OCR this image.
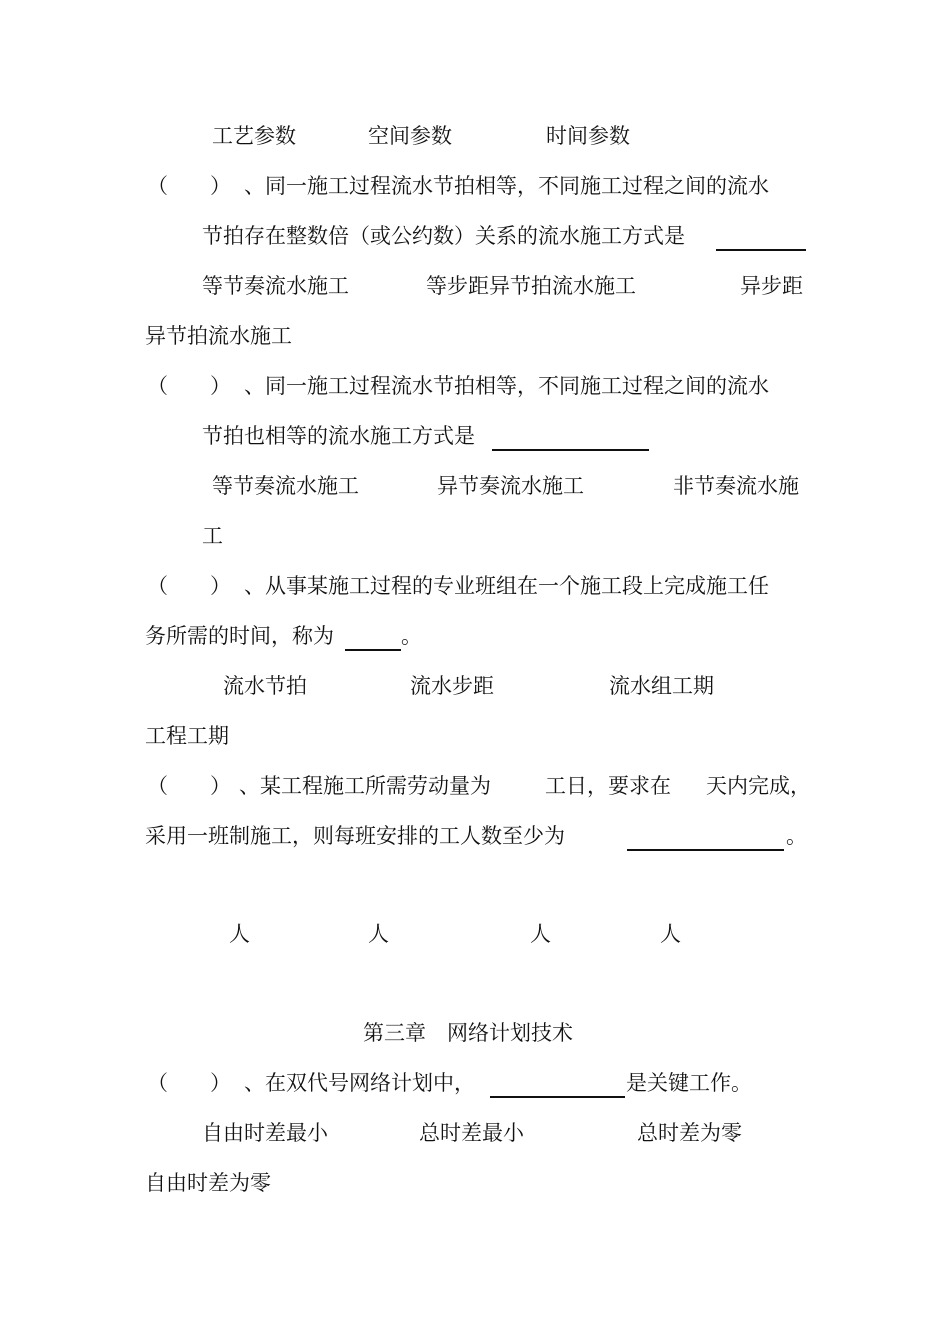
工艺参数	空间参数	时间参数
（　　） 、同一施工过程流水节拍相等，不同施工过程之间的流水
节拍存在整数倍（或公约数）关系的流水施工方式是
等节奏流水施工	等步距异节拍流水施工	异步距
异节拍流水施工
（　　） 、同一施工过程流水节拍相等，不同施工过程之间的流水
节拍也相等的流水施工方式是
等节奏流水施工	异节奏流水施工	非节奏流水施
工
（　　） 、从事某施工过程的专业班组在一个施工段上完成施工任
务所需的时间，称为	。
流水节拍	流水步距	流水组工期
工程工期
（　　） 、某工程施工所需劳动量为	工日，要求在 天内完成，
采用一班制施工，则每班安排的工人数至少为	。
人	人	人	人
第三章　网络计划技术
（　　） 、在双代号网络计划中，	是关键工作。
自由时差最小	总时差最小	总时差为零
自由时差为零
